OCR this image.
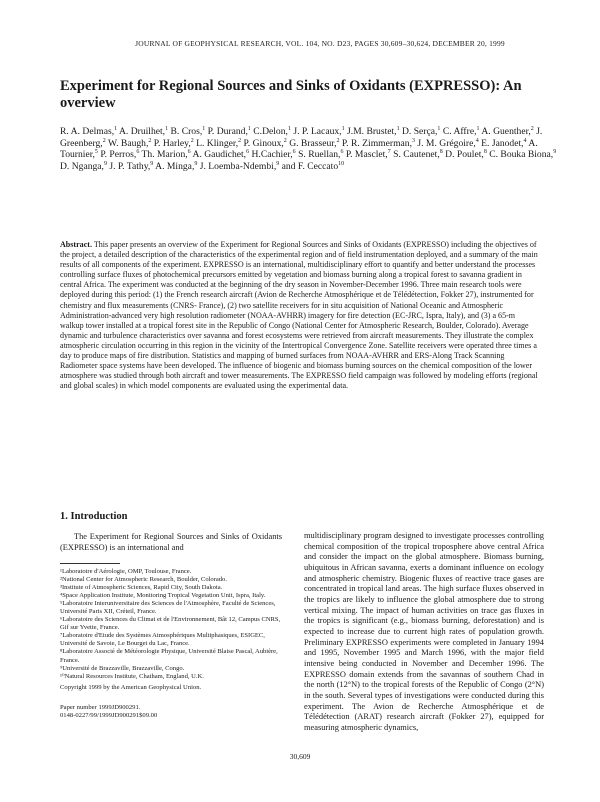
JOURNAL OF GEOPHYSICAL RESEARCH, VOL. 104, NO. D23, PAGES 30,609–30,624, DECEMBER 20, 1999
Experiment for Regional Sources and Sinks of Oxidants (EXPRESSO): An overview
R. A. Delmas,$^1$ A. Druilhet,$^1$ B. Cros,$^1$ P. Durand,$^1$ C.Delon,$^1$ J. P. Lacaux,$^1$ J.M. Brustet,$^1$ D. Serça,$^1$ C. Affre,$^1$ A. Guenther,$^2$ J. Greenberg,$^2$ W. Baugh,$^2$ P. Harley,$^2$ L. Klinger,$^2$ P. Ginoux,$^2$ G. Brasseur,$^2$ P. R. Zimmerman,$^3$ J. M. Grégoire,$^4$ E. Janodet,$^4$ A. Tournier,$^5$ P. Perros,$^6$ Th. Marion,$^6$ A. Gaudichet,$^6$ H.Cachier,$^6$ S. Ruellan,$^6$ P. Masclet,$^7$ S. Cautenet,$^8$ D. Poulet,$^8$ C. Bouka Biona,$^9$ D. Nganga,$^9$ J. P. Tathy,$^9$ A. Minga,$^9$ J. Loemba-Ndembi,$^9$ and F. Ceccato$^{10}$
Abstract. This paper presents an overview of the Experiment for Regional Sources and Sinks of Oxidants (EXPRESSO) including the objectives of the project, a detailed description of the characteristics of the experimental region and of field instrumentation deployed, and a summary of the main results of all components of the experiment. EXPRESSO is an international, multidisciplinary effort to quantify and better understand the processes controlling surface fluxes of photochemical precursors emitted by vegetation and biomass burning along a tropical forest to savanna gradient in central Africa. The experiment was conducted at the beginning of the dry season in November-December 1996. Three main research tools were deployed during this period: (1) the French research aircraft (Avion de Recherche Atmosphérique et de Télédétection, Fokker 27), instrumented for chemistry and flux measurements (CNRS- France), (2) two satellite receivers for in situ acquisition of National Oceanic and Atmospheric Administration-advanced very high resolution radiometer (NOAA-AVHRR) imagery for fire detection (EC-JRC, Ispra, Italy), and (3) a 65-m walkup tower installed at a tropical forest site in the Republic of Congo (National Center for Atmospheric Research, Boulder, Colorado). Average dynamic and turbulence characteristics over savanna and forest ecosystems were retrieved from aircraft measurements. They illustrate the complex atmospheric circulation occurring in this region in the vicinity of the Intertropical Convergence Zone. Satellite receivers were operated three times a day to produce maps of fire distribution. Statistics and mapping of burned surfaces from NOAA-AVHRR and ERS-Along Track Scanning Radiometer space systems have been developed. The influence of biogenic and biomass burning sources on the chemical composition of the lower atmosphere was studied through both aircraft and tower measurements. The EXPRESSO field campaign was followed by modeling efforts (regional and global scales) in which model components are evaluated using the experimental data.
1. Introduction
The Experiment for Regional Sources and Sinks of Oxidants (EXPRESSO) is an international and
¹Laboratoire d'Aérologie, OMP, Toulouse, France.
²National Center for Atmospheric Research, Boulder, Colorado.
³Institute of Atmospheric Sciences, Rapid City, South Dakota.
⁴Space Application Institute, Monitoring Tropical Vegetation Unit, Ispra, Italy.
⁵Laboratoire Interuniversitaire des Sciences de l'Atmosphère, Faculté de Sciences, Université Paris XII, Créteil, France.
⁶Laboratoire des Sciences du Climat et de l'Environnement, Bât 12, Campus CNRS, Gif sur Yvette, France.
⁷Laboratoire d'Etude des Systèmes Atmosphériques Multiphasiques, ESIGEC, Université de Savoie, Le Bourget du Lac, France.
⁸Laboratoire Associé de Météorologie Physique, Université Blaise Pascal, Aubière, France.
⁹Université de Brazzaville, Brazzaville, Congo.
¹⁰Natural Resources Institute, Chatham, England, U.K.
Copyright 1999 by the American Geophysical Union.
Paper number 1999JD900291.
0148-0227/99/1999JD900291$09.00
multidisciplinary program designed to investigate processes controlling chemical composition of the tropical troposphere above central Africa and consider the impact on the global atmosphere. Biomass burning, ubiquitous in African savanna, exerts a dominant influence on ecology and atmospheric chemistry. Biogenic fluxes of reactive trace gases are concentrated in tropical land areas. The high surface fluxes observed in the tropics are likely to influence the global atmosphere due to strong vertical mixing. The impact of human activities on trace gas fluxes in the tropics is significant (e.g., biomass burning, deforestation) and is expected to increase due to current high rates of population growth. Preliminary EXPRESSO experiments were completed in January 1994 and 1995, November 1995 and March 1996, with the major field intensive being conducted in November and December 1996. The EXPRESSO domain extends from the savannas of southern Chad in the north (12°N) to the tropical forests of the Republic of Congo (2°N) in the south. Several types of investigations were conducted during this experiment. The Avion de Recherche Atmosphérique et de Télédétection (ARAT) research aircraft (Fokker 27), equipped for measuring atmospheric dynamics,
30,609
